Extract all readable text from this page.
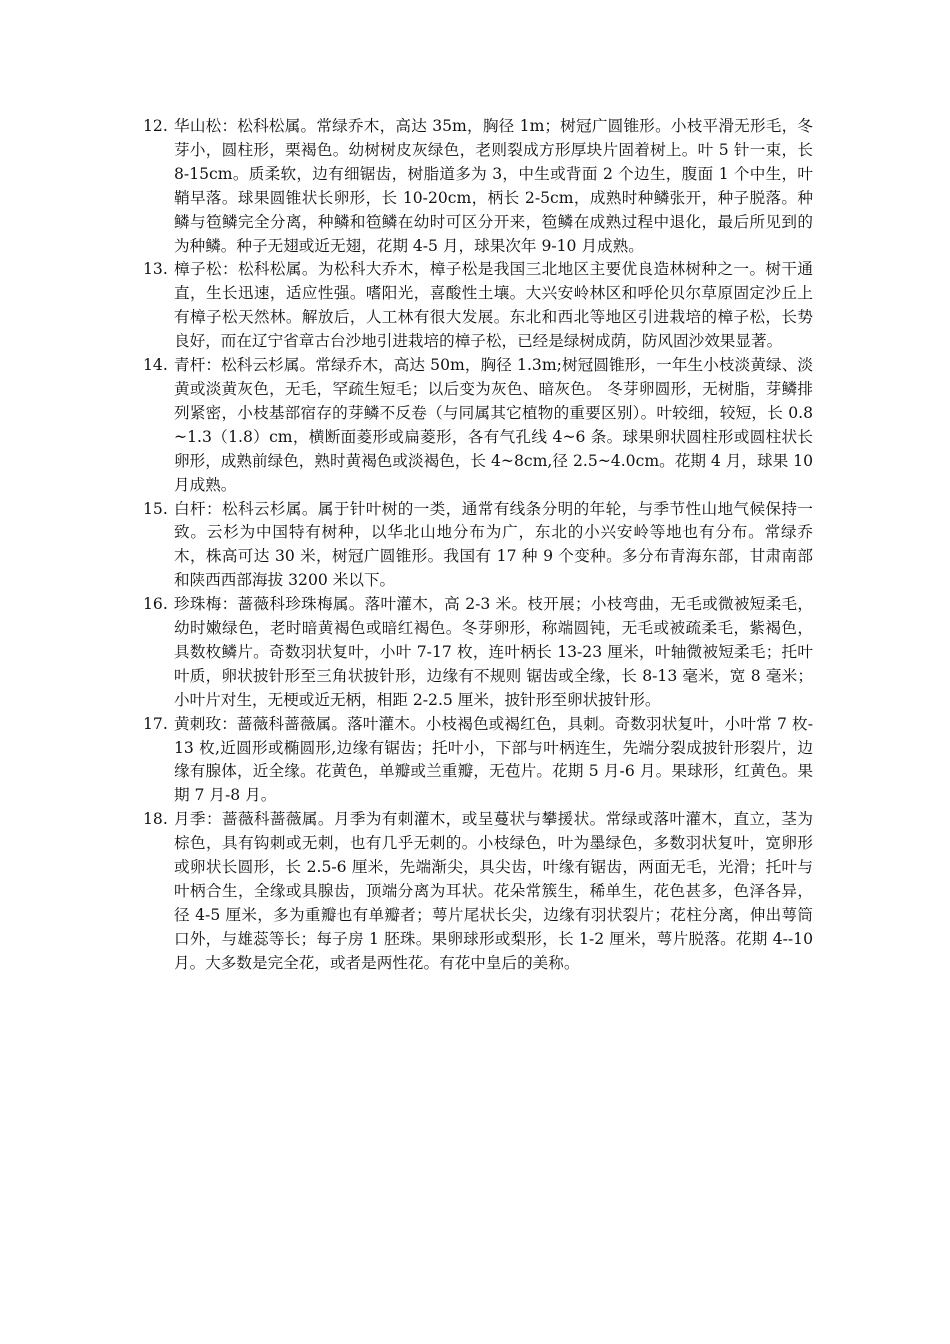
12. 华山松：松科松属。常绿乔木，高达 35m，胸径 1m；树冠广圆锥形。小枝平滑无形毛，冬芽小，圆柱形，栗褐色。幼树树皮灰绿色，老则裂成方形厚块片固着树上。叶 5 针一束，长 8-15cm。质柔软，边有细锯齿，树脂道多为 3，中生或背面 2 个边生，腹面 1 个中生，叶鞘早落。球果圆锥状长卵形，长 10-20cm，柄长 2-5cm，成熟时种鳞张开，种子脱落。种鳞与笣鳞完全分离，种鳞和笣鳞在幼时可区分开来，笣鳞在成熟过程中退化，最后所见到的为种鳞。种子无翅或近无翅，花期 4-5 月，球果次年 9-10 月成熟。
13. 樟子松：松科松属。为松科大乔木，樟子松是我国三北地区主要优良造林树种之一。树干通直，生长迅速，适应性强。嗜阳光，喜酸性土壤。大兴安岭林区和呼伦贝尔草原固定沙丘上有樟子松天然林。解放后，人工林有很大发展。东北和西北等地区引进栽培的樟子松，长势良好，而在辽宁省章古台沙地引进栽培的樟子松，已经是绿树成荫，防风固沙效果显著。
14. 青杆：松科云杉属。常绿乔木，高达 50m，胸径 1.3m;树冠圆锥形，一年生小枝淡黄绿、淡黄或淡黄灰色，无毛，罕疏生短毛；以后变为灰色、暗灰色。 冬芽卵圆形，无树脂，芽鳞排列紧密，小枝基部宿存的芽鳞不反卷（与同属其它植物的重要区别）。叶较细，较短，长 0.8~1.3（1.8）cm，横断面菱形或扁菱形，各有气孔线 4~6 条。球果卵状圆柱形或圆柱状长卵形，成熟前绿色，熟时黄褐色或淡褐色，长 4~8cm,径 2.5~4.0cm。花期 4 月，球果 10 月成熟。
15. 白杆：松科云杉属。属于针叶树的一类，通常有线条分明的年轮，与季节性山地气候保持一致。云杉为中国特有树种，以华北山地分布为广，东北的小兴安岭等地也有分布。常绿乔木，株高可达 30 米，树冠广圆锥形。我国有 17 种 9 个变种。多分布青海东部，甘肃南部和陕西西部海拔 3200 米以下。
16. 珍珠梅：蔷薇科珍珠梅属。落叶灌木，高 2-3 米。枝开展；小枝弯曲，无毛或微被短柔毛，幼时嫩绿色，老时暗黄褐色或暗红褐色。冬芽卵形，称端圆钝，无毛或被疏柔毛，紫褐色，具数枚鳞片。奇数羽状复叶，小叶 7-17 枚，连叶柄长 13-23 厘米，叶轴微被短柔毛；托叶叶质，卵状披针形至三角状披针形，边缘有不规则 锯齿或全缘，长 8-13 毫米，宽 8 毫米；小叶片对生，无梗或近无柄，相距 2-2.5 厘米，披针形至卵状披针形。
17. 黄刺玫：蔷薇科蔷薇属。落叶灌木。小枝褐色或褐红色，具刺。奇数羽状复叶，小叶常 7 枚-13 枚,近圆形或椭圆形,边缘有锯齿；托叶小，下部与叶柄连生，先端分裂成披针形裂片，边缘有腺体，近全缘。花黄色，单瓣或兰重瓣，无苞片。花期 5 月-6 月。果球形，红黄色。果期 7 月-8 月。
18. 月季：蔷薇科蔷薇属。月季为有刺灌木，或呈蔓状与攀援状。常绿或落叶灌木，直立，茎为棕色，具有钩刺或无刺，也有几乎无刺的。小枝绿色，叶为墨绿色，多数羽状复叶，宽卵形或卵状长圆形，长 2.5-6 厘米，先端渐尖，具尖齿，叶缘有锯齿，两面无毛，光滑；托叶与叶柄合生，全缘或具腺齿，顶端分离为耳状。花朵常簇生，稀单生，花色甚多，色泽各异，径 4-5 厘米，多为重瓣也有单瓣者；萼片尾状长尖，边缘有羽状裂片；花柱分离，伸出萼筒口外，与雄蕊等长；每子房 1 胚珠。果卵球形或梨形，长 1-2 厘米，萼片脱落。花期 4--10 月。大多数是完全花，或者是两性花。有花中皇后的美称。
